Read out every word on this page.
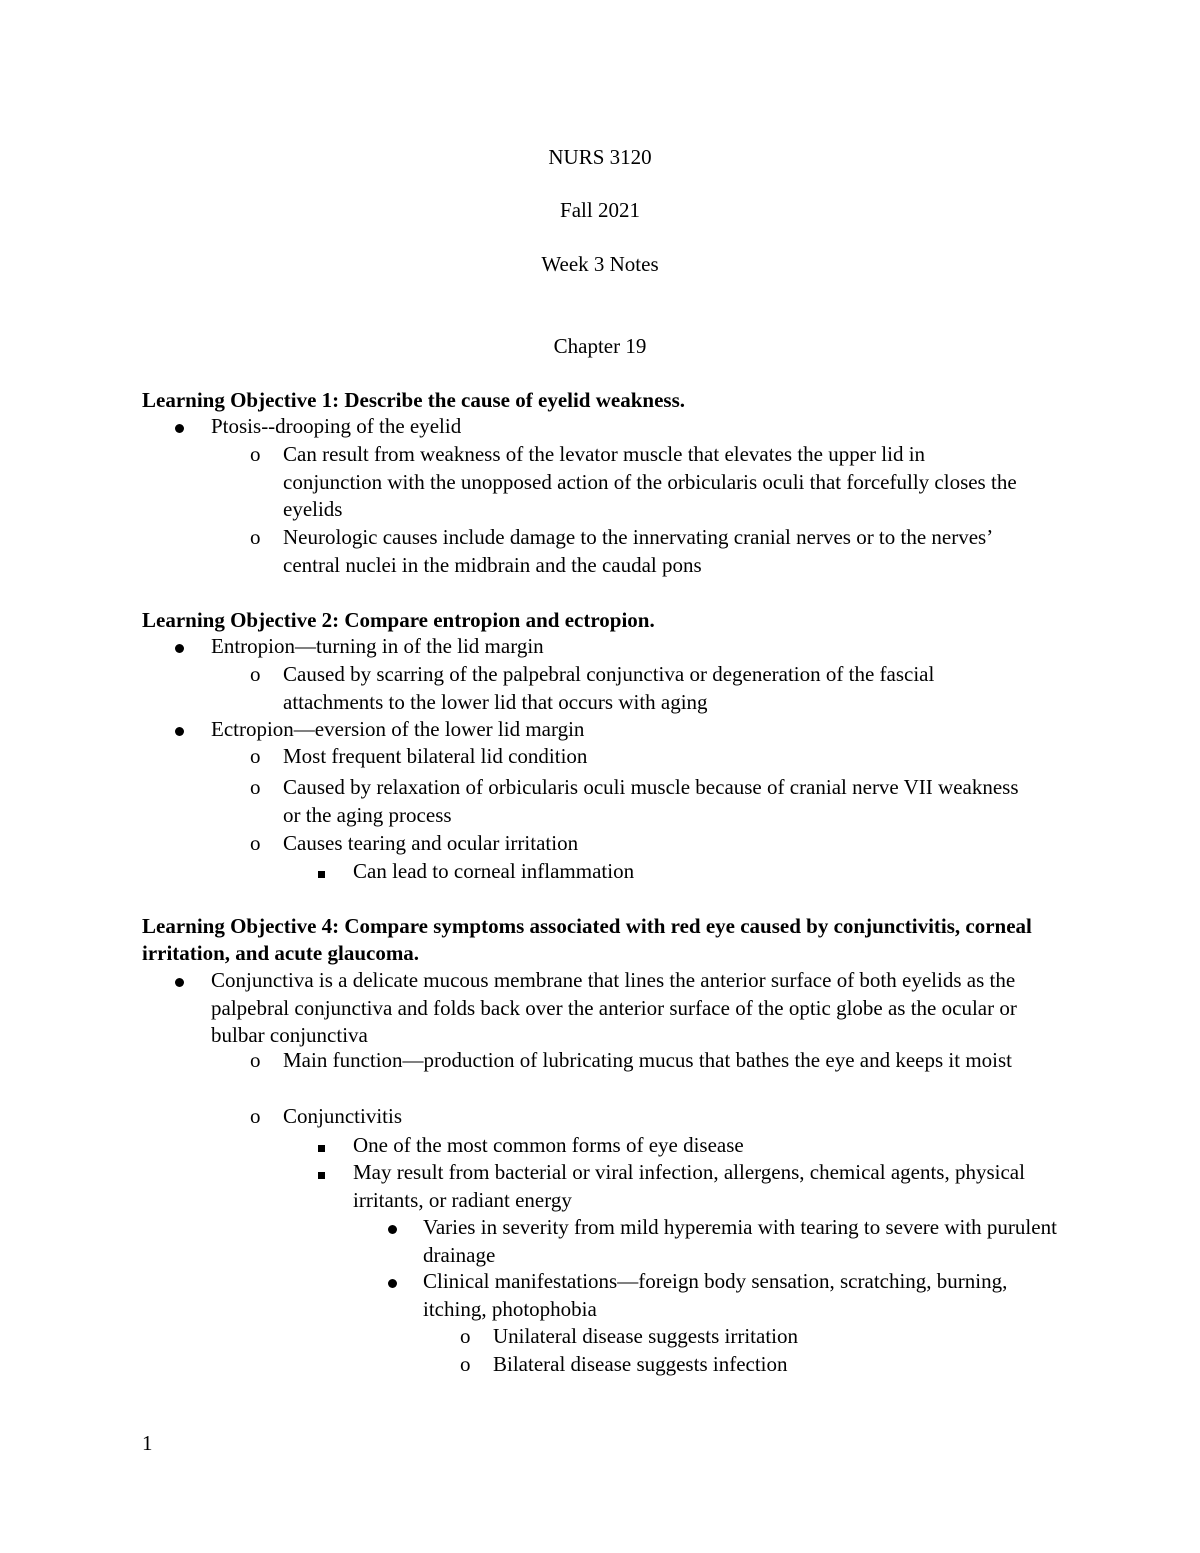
NURS 3120
Fall 2021
Week 3 Notes
Chapter 19
Learning Objective 1: Describe the cause of eyelid weakness.
Ptosis--drooping of the eyelid
o Can result from weakness of the levator muscle that elevates the upper lid in conjunction with the unopposed action of the orbicularis oculi that forcefully closes the eyelids
o Neurologic causes include damage to the innervating cranial nerves or to the nerves’ central nuclei in the midbrain and the caudal pons
Learning Objective 2: Compare entropion and ectropion.
Entropion—turning in of the lid margin
o Caused by scarring of the palpebral conjunctiva or degeneration of the fascial attachments to the lower lid that occurs with aging
Ectropion—eversion of the lower lid margin
o Most frequent bilateral lid condition
o Caused by relaxation of orbicularis oculi muscle because of cranial nerve VII weakness or the aging process
o Causes tearing and ocular irritation
Can lead to corneal inflammation
Learning Objective 4: Compare symptoms associated with red eye caused by conjunctivitis, corneal irritation, and acute glaucoma.
Conjunctiva is a delicate mucous membrane that lines the anterior surface of both eyelids as the palpebral conjunctiva and folds back over the anterior surface of the optic globe as the ocular or bulbar conjunctiva
o Main function—production of lubricating mucus that bathes the eye and keeps it moist
o Conjunctivitis
One of the most common forms of eye disease
May result from bacterial or viral infection, allergens, chemical agents, physical irritants, or radiant energy
Varies in severity from mild hyperemia with tearing to severe with purulent drainage
Clinical manifestations—foreign body sensation, scratching, burning, itching, photophobia
o Unilateral disease suggests irritation
o Bilateral disease suggests infection
1
